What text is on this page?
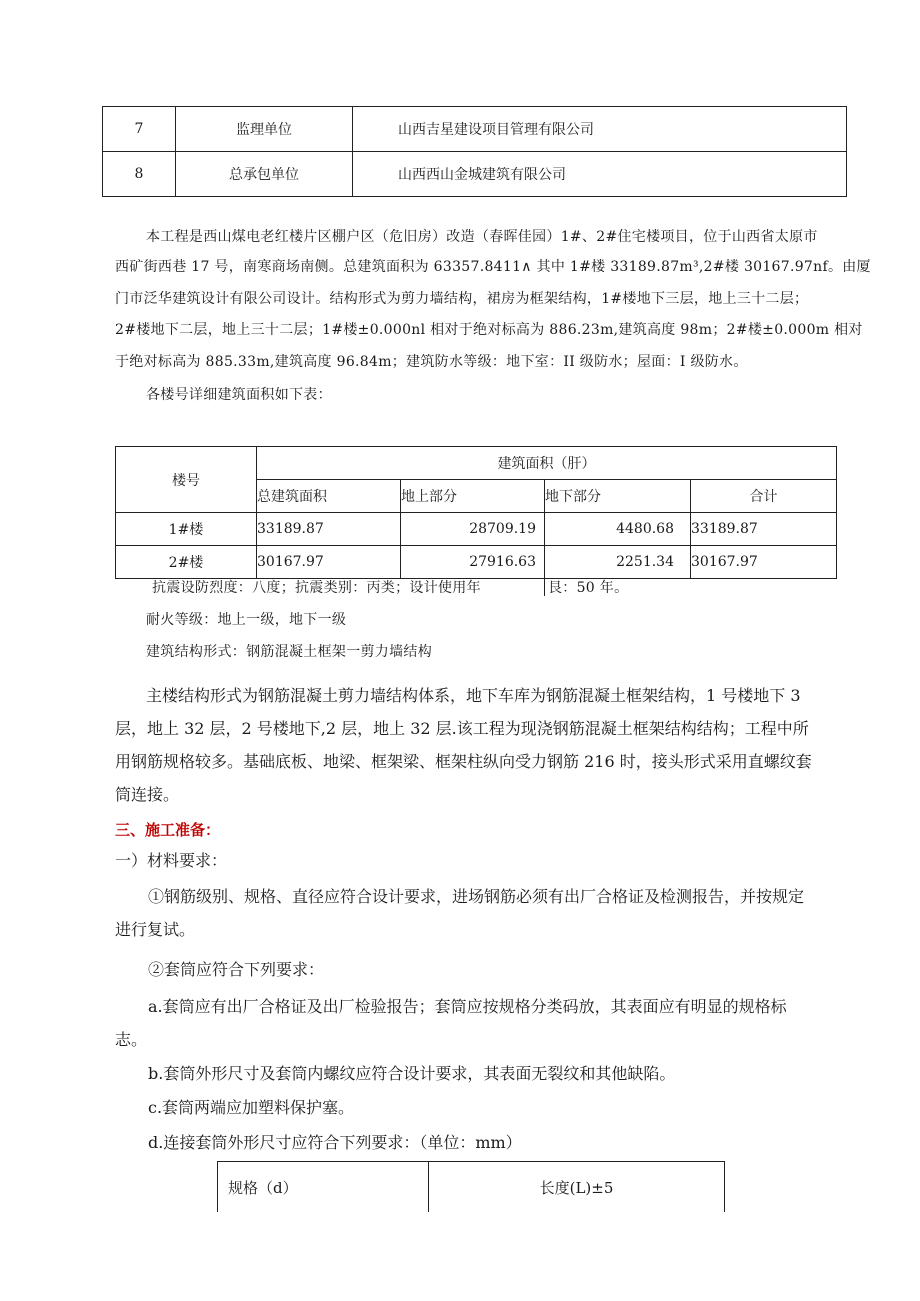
7	监理单位	山西吉星建设项目管理有限公司
8	总承包单位	山西西山金城建筑有限公司
本工程是西山煤电老红楼片区棚户区（危旧房）改造（春晖佳园）1#、2#住宅楼项目，位于山西省太原市
西矿街西巷 17 号，南寒商场南侧。总建筑面积为 63357.8411∧ 其中 1#楼 33189.87m³,2#楼 30167.97nf。由厦
门市泛华建筑设计有限公司设计。结构形式为剪力墙结构，裙房为框架结构，1#楼地下三层，地上三十二层；
2#楼地下二层，地上三十二层；1#楼±0.000nl 相对于绝对标高为 886.23m,建筑高度 98m；2#楼±0.000m 相对
于绝对标高为 885.33m,建筑高度 96.84m；建筑防水等级：地下室：II 级防水；屋面：I 级防水。
各楼号详细建筑面积如下表：
楼号	建筑面积（肝）			
	总建筑面积	地上部分	地下部分	合计
1#楼	33189.87	28709.19	4480.68	33189.87
2#楼	30167.97	27916.63	2251.34	30167.97
抗震设防烈度：八度；抗震类别：丙类；设计使用年	艮：50 年。
耐火等级：地上一级，地下一级
建筑结构形式：钢筋混凝土框架一剪力墙结构
主楼结构形式为钢筋混凝土剪力墙结构体系，地下车库为钢筋混凝土框架结构，1 号楼地下 3
层，地上 32 层，2 号楼地下,2 层，地上 32 层.该工程为现浇钢筋混凝土框架结构结构；工程中所
用钢筋规格较多。基础底板、地梁、框架梁、框架柱纵向受力钢筋 216 时，接头形式采用直螺纹套
筒连接。
三、施工准备：
一）材料要求：
①钢筋级别、规格、直径应符合设计要求，进场钢筋必须有出厂合格证及检测报告，并按规定
进行复试。
②套筒应符合下列要求：
a.套筒应有出厂合格证及出厂检验报告；套筒应按规格分类码放，其表面应有明显的规格标
志。
b.套筒外形尺寸及套筒内螺纹应符合设计要求，其表面无裂纹和其他缺陷。
c.套筒两端应加塑料保护塞。
d.连接套筒外形尺寸应符合下列要求：（单位：mm）
规格（d）	长度(L)±5
